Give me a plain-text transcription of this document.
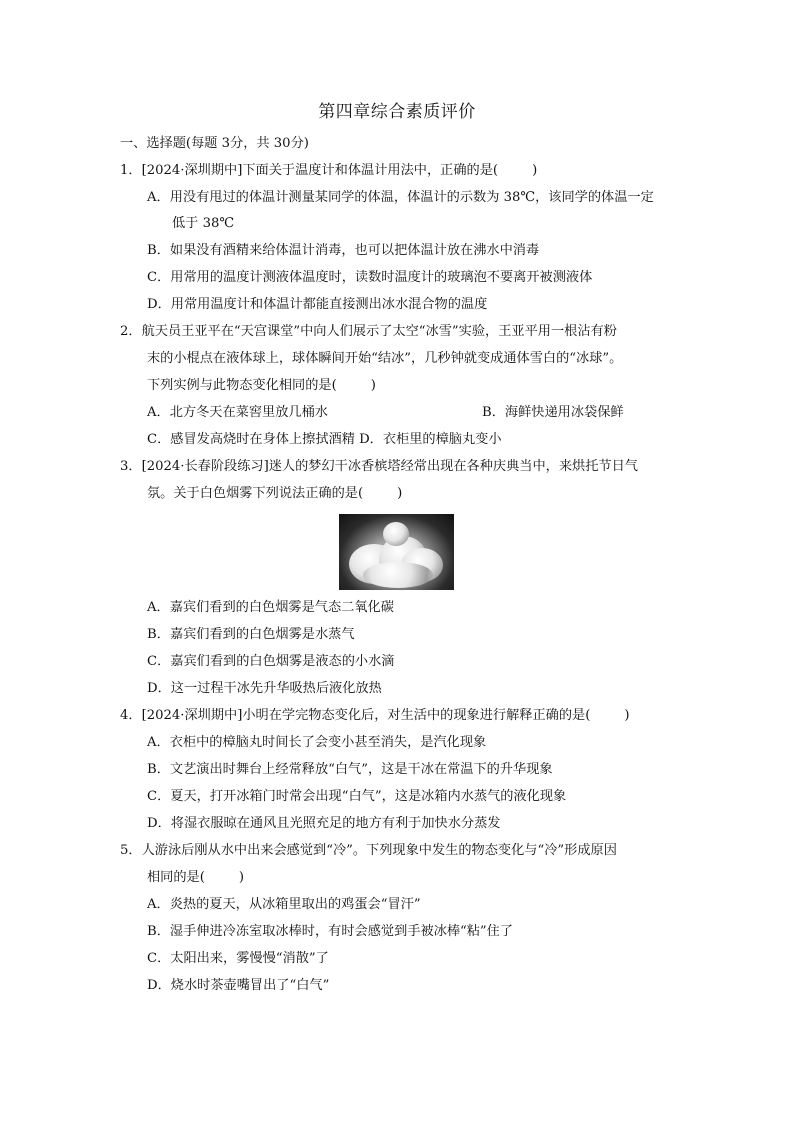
第四章综合素质评价
一、选择题(每题 3分，共 30分)
1．[2024·深圳期中]下面关于温度计和体温计用法中，正确的是(	)
A．用没有甩过的体温计测量某同学的体温，体温计的示数为 38℃，该同学的体温一定
低于 38℃
B．如果没有酒精来给体温计消毒，也可以把体温计放在沸水中消毒
C．用常用的温度计测液体温度时，读数时温度计的玻璃泡不要离开被测液体
D．用常用温度计和体温计都能直接测出冰水混合物的温度
2．航天员王亚平在“天宫课堂”中向人们展示了太空“冰雪”实验，王亚平用一根沾有粉
末的小棍点在液体球上，球体瞬间开始“结冰”，几秒钟就变成通体雪白的“冰球”。
下列实例与此物态变化相同的是(	)
A．北方冬天在菜窖里放几桶水	B．海鲜快递用冰袋保鲜
C．感冒发高烧时在身体上擦拭酒精 D．衣柜里的樟脑丸变小
3．[2024·长春阶段练习]迷人的梦幻干冰香槟塔经常出现在各种庆典当中，来烘托节日气
氛。关于白色烟雾下列说法正确的是(	)
A．嘉宾们看到的白色烟雾是气态二氧化碳
B．嘉宾们看到的白色烟雾是水蒸气
C．嘉宾们看到的白色烟雾是液态的小水滴
D．这一过程干冰先升华吸热后液化放热
4．[2024·深圳期中]小明在学完物态变化后，对生活中的现象进行解释正确的是(	)
A．衣柜中的樟脑丸时间长了会变小甚至消失，是汽化现象
B．文艺演出时舞台上经常释放“白气”，这是干冰在常温下的升华现象
C．夏天，打开冰箱门时常会出现“白气”，这是冰箱内水蒸气的液化现象
D．将湿衣服晾在通风且光照充足的地方有利于加快水分蒸发
5．人游泳后刚从水中出来会感觉到“冷”。下列现象中发生的物态变化与“冷”形成原因
相同的是(	)
A．炎热的夏天，从冰箱里取出的鸡蛋会“冒汗”
B．湿手伸进冷冻室取冰棒时，有时会感觉到手被冰棒“粘”住了
C．太阳出来，雾慢慢“消散”了
D．烧水时茶壶嘴冒出了“白气”
